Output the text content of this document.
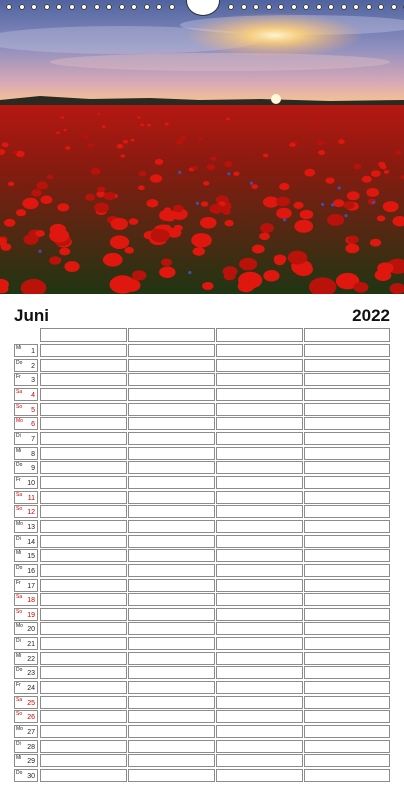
Juni	2022
Mi 1
Do 2
Fr 3
Sa 4
So 5
Mo 6
Di 7
Mi 8
Do 9
Fr 10
Sa 11
So 12
Mo 13
Di 14
Mi 15
Do 16
Fr 17
Sa 18
So 19
Mo 20
Di 21
Mi 22
Do 23
Fr 24
Sa 25
So 26
Mo 27
Di 28
Mi 29
Do 30
